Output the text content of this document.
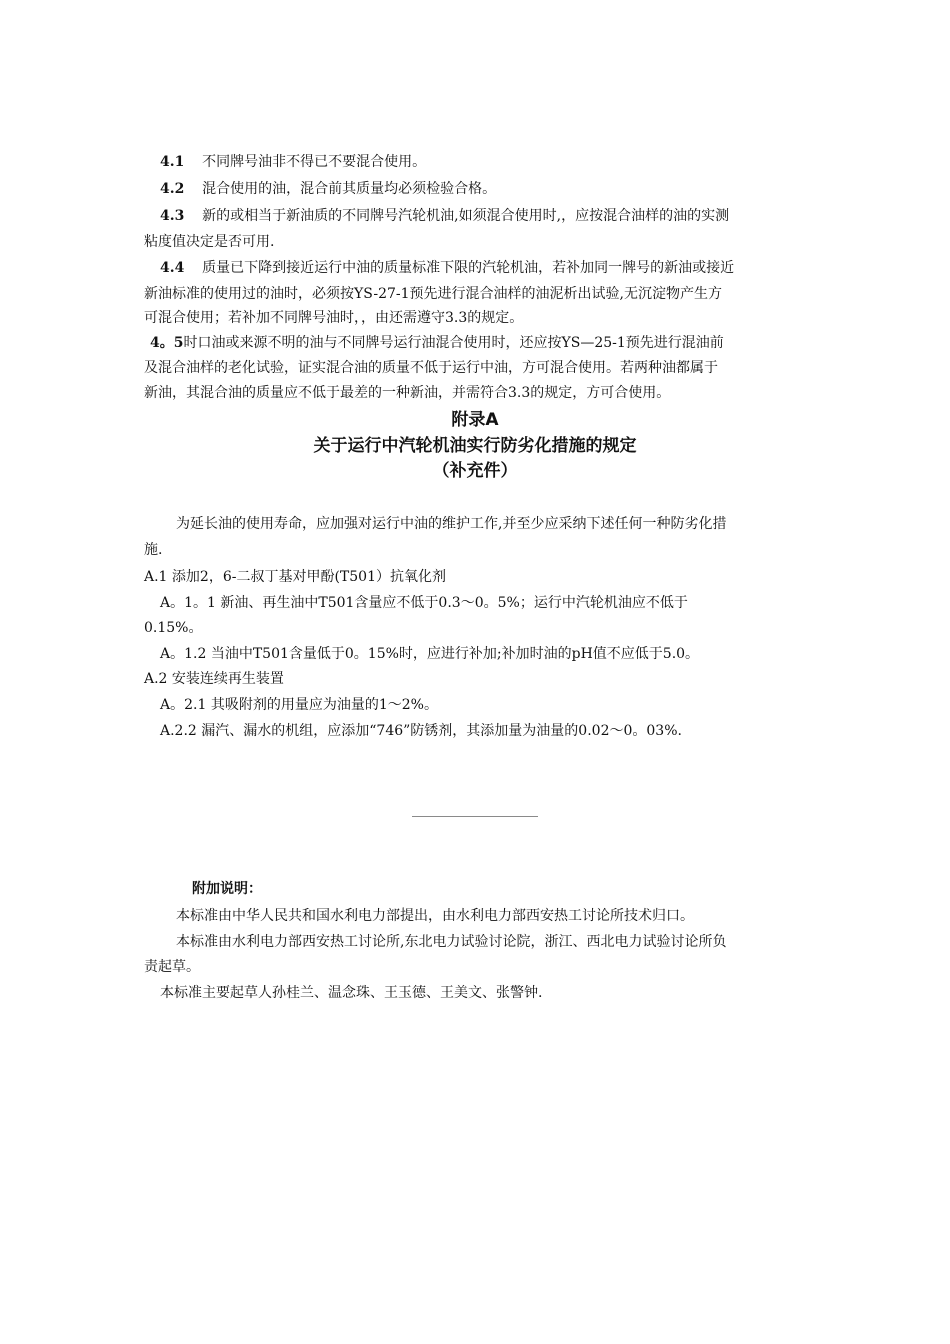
4.1 不同牌号油非不得已不要混合使用。
4.2 混合使用的油，混合前其质量均必须检验合格。
4.3 新的或相当于新油质的不同牌号汽轮机油,如须混合使用时,，应按混合油样的油的实测
粘度值决定是否可用.
4.4 质量已下降到接近运行中油的质量标准下限的汽轮机油，若补加同一牌号的新油或接近
新油标准的使用过的油时，必须按YS-27-1预先进行混合油样的油泥析出试验,无沉淀物产生方
可混合使用；若补加不同牌号油时，，由还需遵守3.3的规定。
4。5时口油或来源不明的油与不同牌号运行油混合使用时，还应按YS—25-1预先进行混油前
及混合油样的老化试验，证实混合油的质量不低于运行中油，方可混合使用。若两种油都属于
新油，其混合油的质量应不低于最差的一种新油，并需符合3.3的规定，方可合使用。
附录A
关于运行中汽轮机油实行防劣化措施的规定
（补充件）
为延长油的使用寿命，应加强对运行中油的维护工作,并至少应采纳下述任何一种防劣化措
施.
A.1 添加2，6-二叔丁基对甲酚(T501）抗氧化剂
A。1。1 新油、再生油中T501含量应不低于0.3～0。5%；运行中汽轮机油应不低于
0.15%。
A。1.2 当油中T501含量低于0。15%时，应进行补加;补加时油的pH值不应低于5.0。
A.2 安装连续再生装置
A。2.1 其吸附剂的用量应为油量的1～2%。
A.2.2 漏汽、漏水的机组，应添加“746”防锈剂，其添加量为油量的0.02～0。03%.
附加说明：
本标准由中华人民共和国水利电力部提出，由水利电力部西安热工讨论所技术归口。
本标准由水利电力部西安热工讨论所,东北电力试验讨论院，浙江、西北电力试验讨论所负
责起草。
本标准主要起草人孙桂兰、温念珠、王玉德、王美文、张警钟.
